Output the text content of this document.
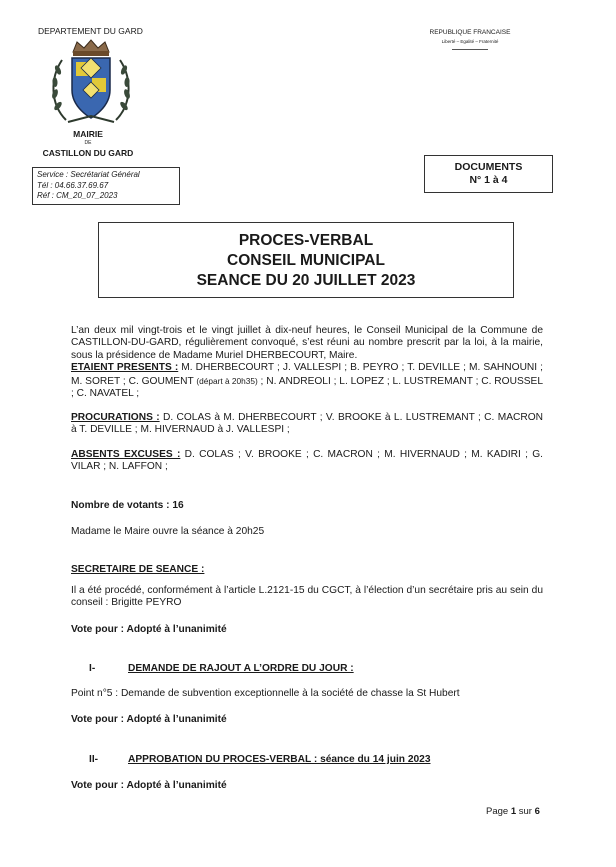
DEPARTEMENT DU GARD
MAIRIE
DE
CASTILLON DU GARD
REPUBLIQUE FRANCAISE
Liberté – Egalité – Fraternité
Service : Secrétariat Général
Tél : 04.66.37.69.67
Réf : CM_20_07_2023
DOCUMENTS
N° 1 à 4
PROCES-VERBAL
CONSEIL MUNICIPAL
SEANCE DU 20 JUILLET 2023
L’an deux mil vingt-trois et le vingt juillet à dix-neuf heures, le Conseil Municipal de la Commune de CASTILLON-DU-GARD, régulièrement convoqué, s’est réuni au nombre prescrit par la loi, à la mairie, sous la présidence de Madame Muriel DHERBECOURT, Maire.
ETAIENT PRESENTS : M. DHERBECOURT ; J. VALLESPI ; B. PEYRO ; T. DEVILLE ; M. SAHNOUNI ; M. SORET ; C. GOUMENT (départ à 20h35) ; N. ANDREOLI ; L. LOPEZ ; L. LUSTREMANT ; C. ROUSSEL ; C. NAVATEL ;
PROCURATIONS : D. COLAS à M. DHERBECOURT ; V. BROOKE à L. LUSTREMANT ; C. MACRON à T. DEVILLE ; M. HIVERNAUD à J. VALLESPI ;
ABSENTS EXCUSES : D. COLAS ; V. BROOKE ; C. MACRON ; M. HIVERNAUD ; M. KADIRI ; G. VILAR ; N. LAFFON ;
Nombre de votants : 16
Madame le Maire ouvre la séance à 20h25
SECRETAIRE DE SEANCE :
Il a été procédé, conformément à l’article L.2121-15 du CGCT, à l’élection d’un secrétaire pris au sein du conseil : Brigitte PEYRO
Vote pour : Adopté à l’unanimité
I-	DEMANDE DE RAJOUT A L’ORDRE DU JOUR :
Point n°5 : Demande de subvention exceptionnelle à la société de chasse la St Hubert
Vote pour : Adopté à l’unanimité
II-	APPROBATION DU PROCES-VERBAL : séance du 14 juin 2023
Vote pour : Adopté à l’unanimité
Page 1 sur 6
